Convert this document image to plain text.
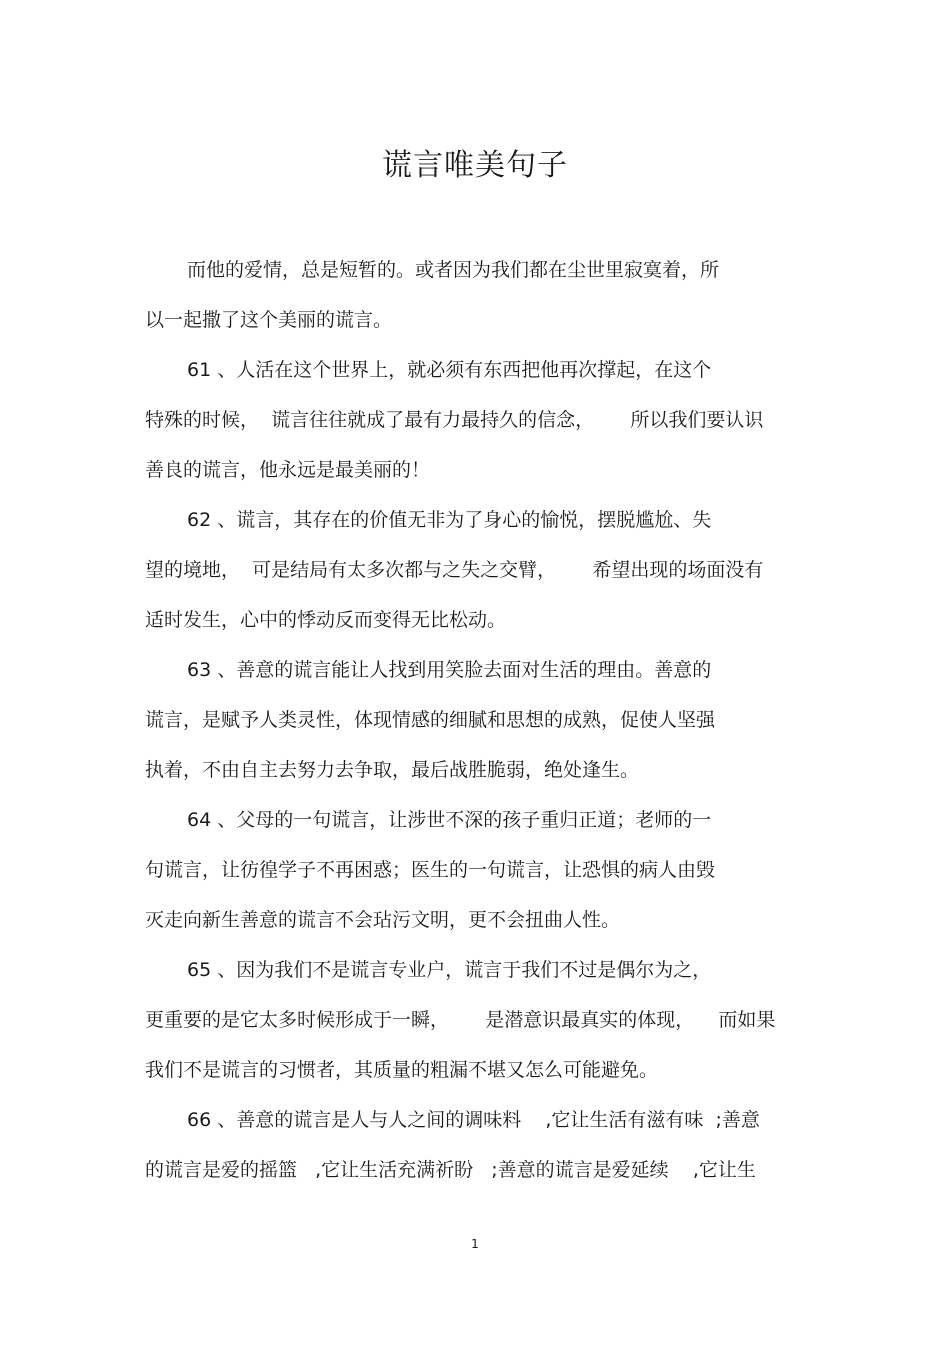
谎言唯美句子
而他的爱情，总是短暂的。或者因为我们都在尘世里寂寞着，所
以一起撒了这个美丽的谎言。
61 、人活在这个世界上，就必须有东西把他再次撑起，在这个
特殊的时候，  谎言往往就成了最有力最持久的信念，      所以我们要认识
善良的谎言，他永远是最美丽的！
62 、谎言，其存在的价值无非为了身心的愉悦，摆脱尴尬、失
望的境地，  可是结局有太多次都与之失之交臂，      希望出现的场面没有
适时发生，心中的悸动反而变得无比松动。
63 、善意的谎言能让人找到用笑脸去面对生活的理由。善意的
谎言，是赋予人类灵性，体现情感的细腻和思想的成熟，促使人坚强
执着，不由自主去努力去争取，最后战胜脆弱，绝处逢生。
64 、父母的一句谎言，让涉世不深的孩子重归正道；老师的一
句谎言，让彷徨学子不再困惑；医生的一句谎言，让恐惧的病人由毁
灭走向新生善意的谎言不会玷污文明，更不会扭曲人性。
65 、因为我们不是谎言专业户，谎言于我们不过是偶尔为之，
更重要的是它太多时候形成于一瞬，      是潜意识最真实的体现，    而如果
我们不是谎言的习惯者，其质量的粗漏不堪又怎么可能避免。
66 、善意的谎言是人与人之间的调味料    ,它让生活有滋有味  ;善意
的谎言是爱的摇篮   ,它让生活充满祈盼   ;善意的谎言是爱延续    ,它让生
1
